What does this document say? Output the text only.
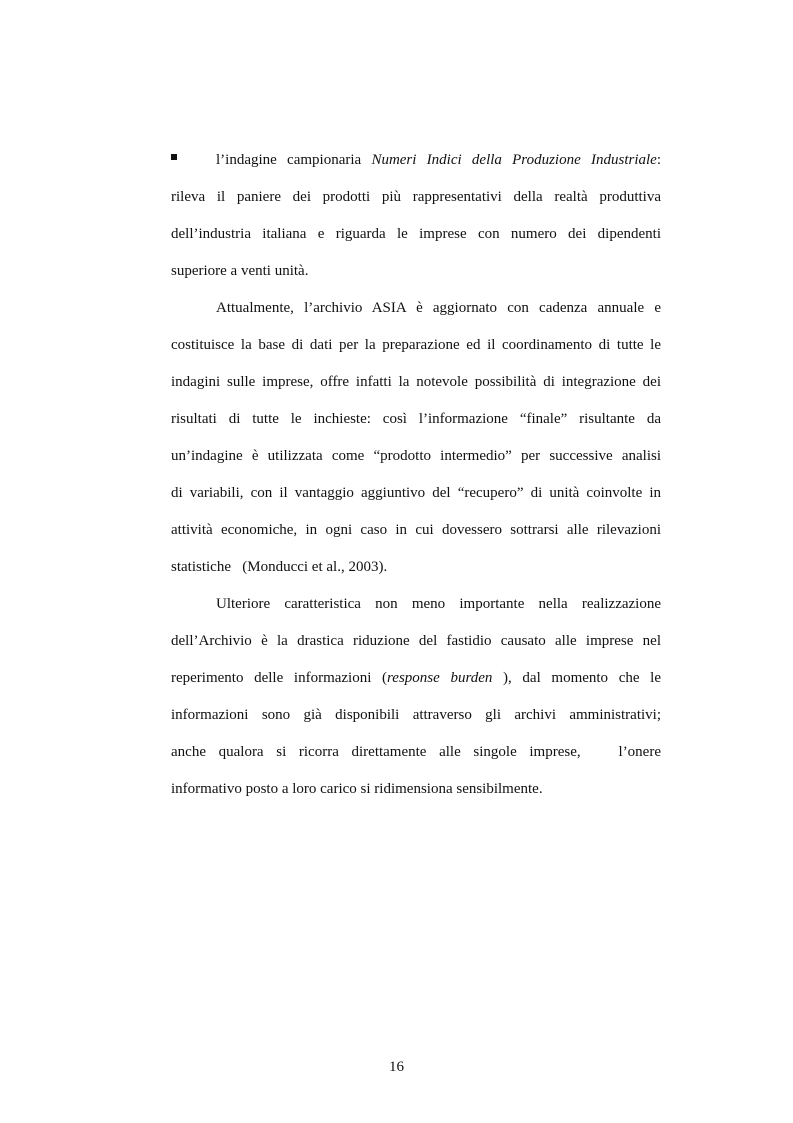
l’indagine campionaria Numeri Indici della Produzione Industriale:
rileva il paniere dei prodotti più rappresentativi della realtà produttiva
dell’industria italiana e riguarda le imprese con numero dei dipendenti
superiore a venti unità.
Attualmente, l’archivio ASIA è aggiornato con cadenza annuale e
costituisce la base di dati per la preparazione ed il coordinamento di tutte le
indagini sulle imprese, offre infatti la notevole possibilità di integrazione dei
risultati di tutte le inchieste: così l’informazione “finale” risultante da
un’indagine è utilizzata come “prodotto intermedio” per successive analisi
di variabili, con il vantaggio aggiuntivo del “recupero” di unità coinvolte in
attività economiche, in ogni caso in cui dovessero sottrarsi alle rilevazioni
statistiche   (Monducci et al., 2003).
Ulteriore caratteristica non meno importante nella realizzazione
dell’Archivio è la drastica riduzione del fastidio causato alle imprese nel
reperimento delle informazioni (response burden ), dal momento che le
informazioni sono già disponibili attraverso gli archivi amministrativi;
anche qualora si ricorra direttamente alle singole imprese,   l’onere
informativo posto a loro carico si ridimensiona sensibilmente.
16
